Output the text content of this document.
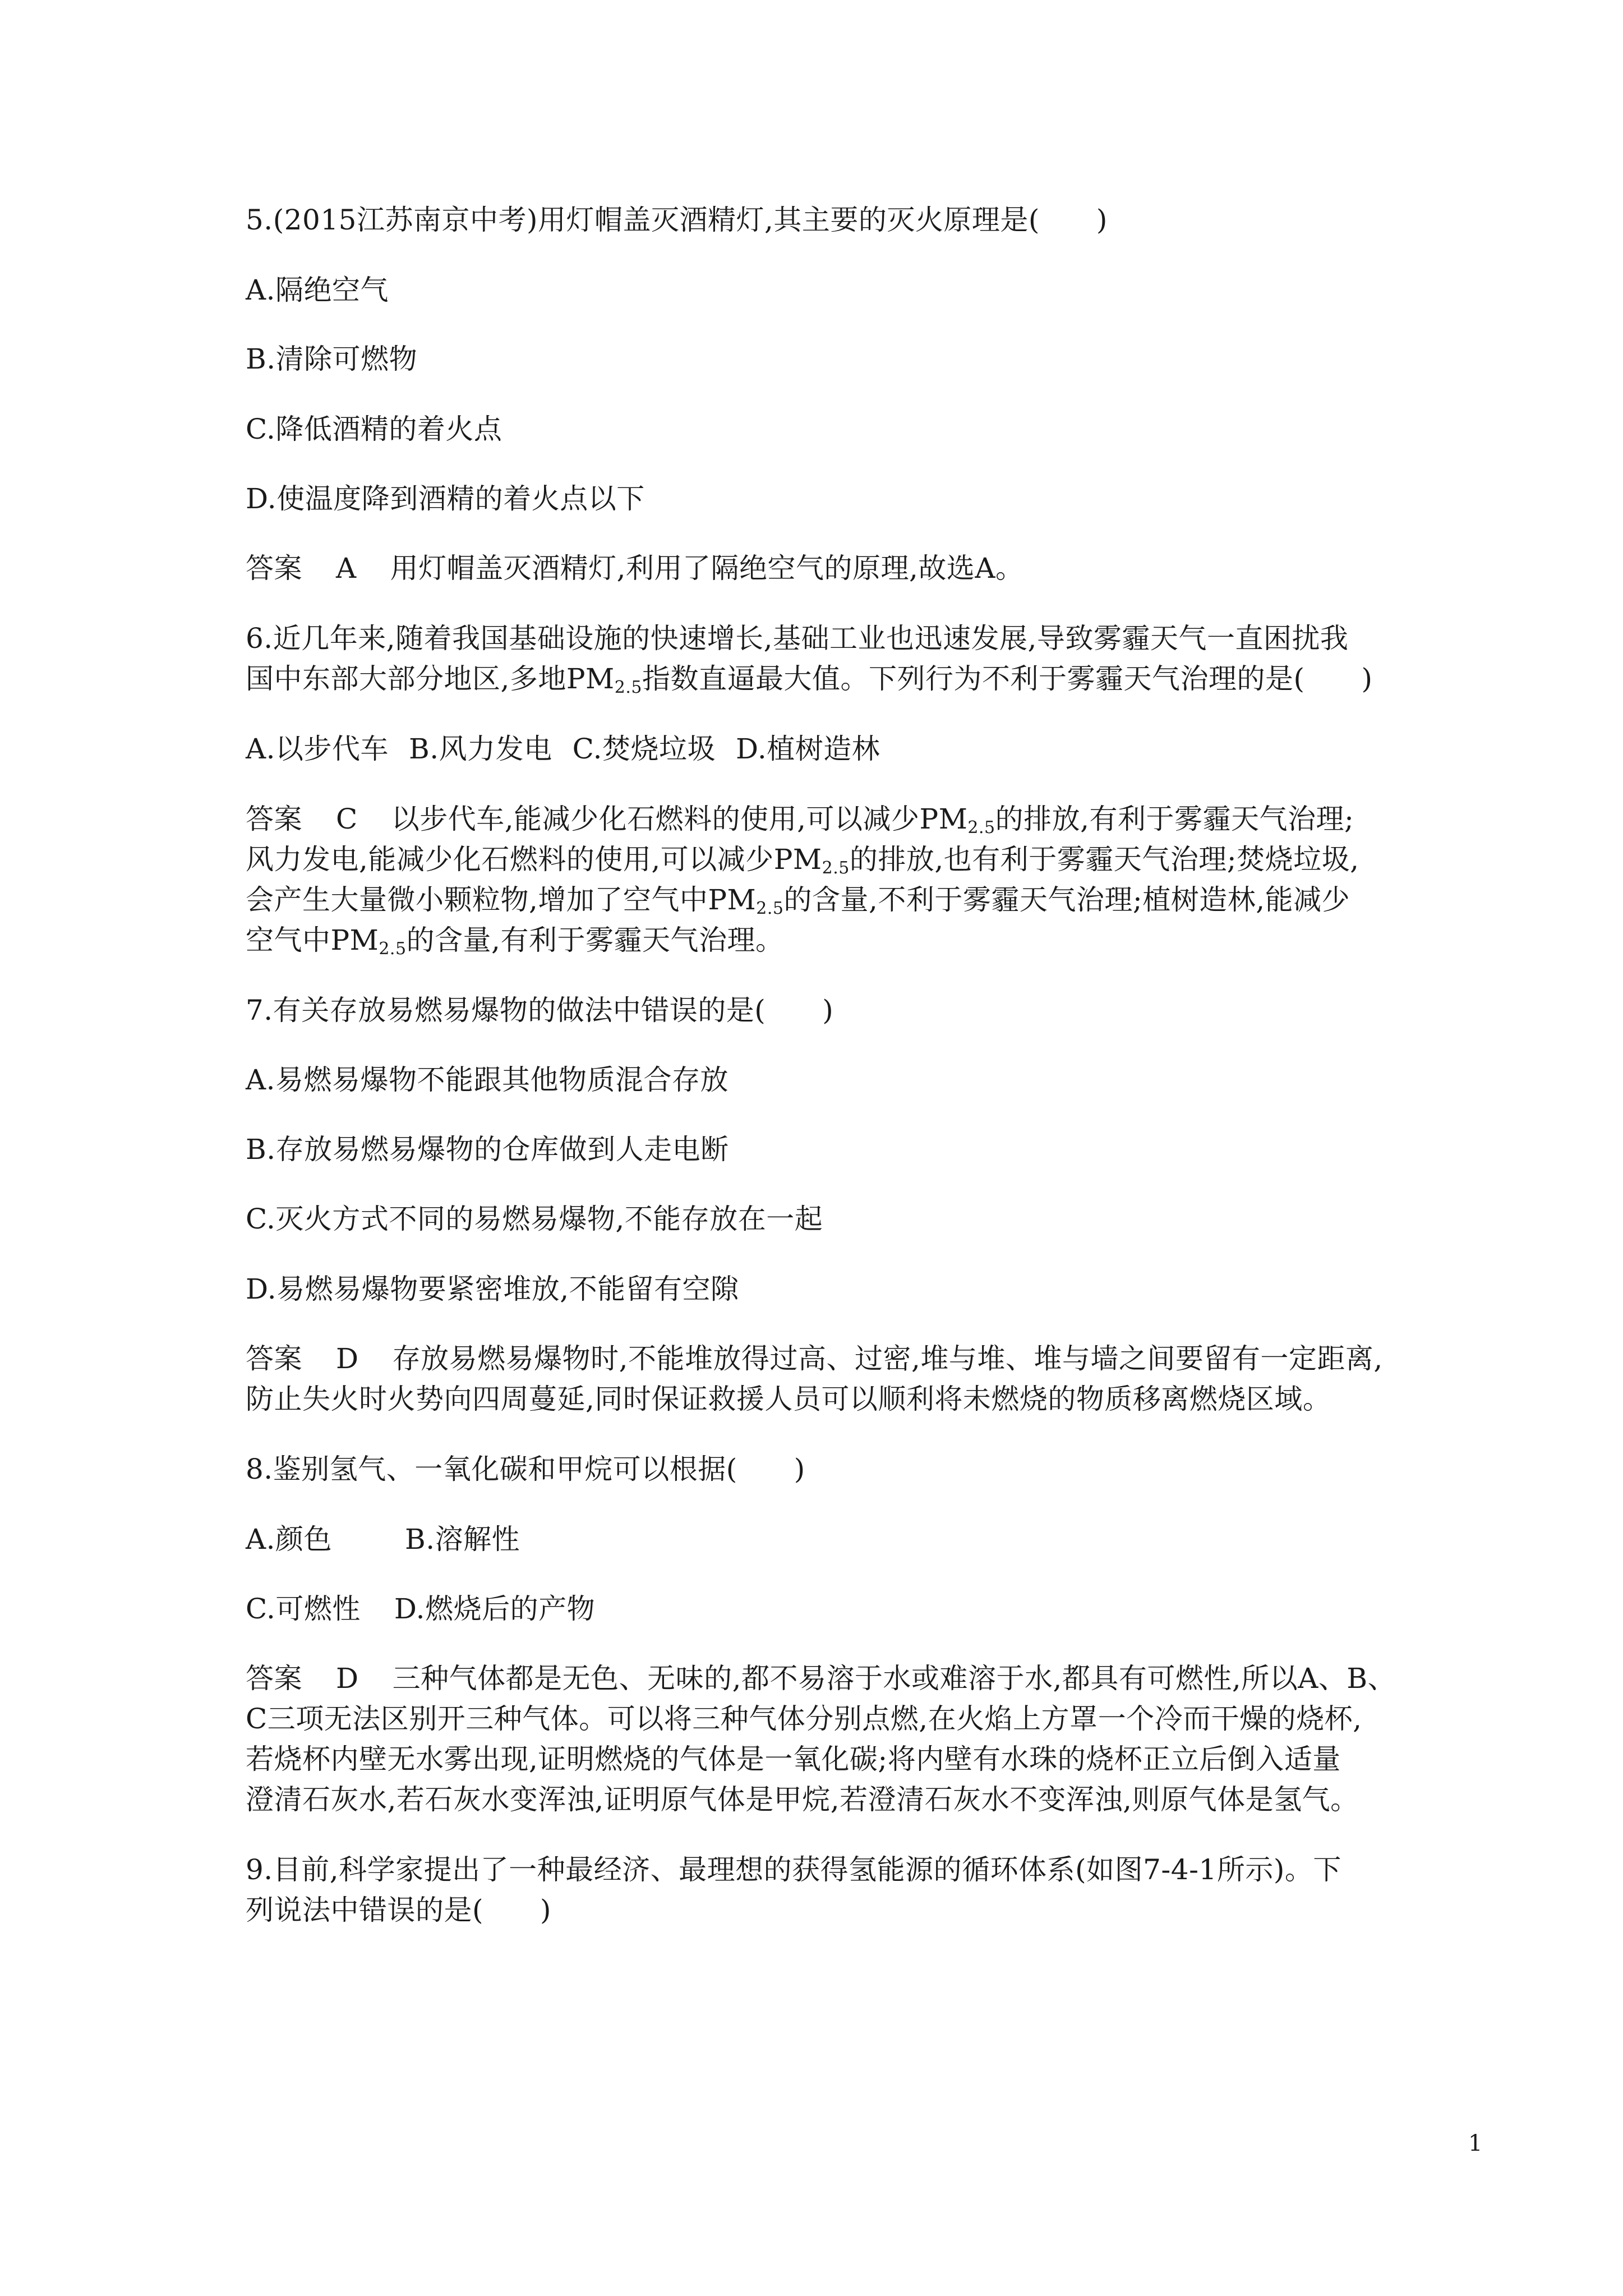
5.(2015江苏南京中考)用灯帽盖灭酒精灯,其主要的灭火原理是(　　)
A.隔绝空气
B.清除可燃物
C.降低酒精的着火点
D.使温度降到酒精的着火点以下
答案 A 用灯帽盖灭酒精灯,利用了隔绝空气的原理,故选A。
6.近几年来,随着我国基础设施的快速增长,基础工业也迅速发展,导致雾霾天气一直困扰我
国中东部大部分地区,多地$PM_{2.5}$指数直逼最大值。下列行为不利于雾霾天气治理的是(　　)
A.以步代车 B.风力发电 C.焚烧垃圾 D.植树造林
答案 C 以步代车,能减少化石燃料的使用,可以减少$PM_{2.5}$的排放,有利于雾霾天气治理;
风力发电,能减少化石燃料的使用,可以减少$PM_{2.5}$的排放,也有利于雾霾天气治理;焚烧垃圾,
会产生大量微小颗粒物,增加了空气中$PM_{2.5}$的含量,不利于雾霾天气治理;植树造林,能减少
空气中$PM_{2.5}$的含量,有利于雾霾天气治理。
7.有关存放易燃易爆物的做法中错误的是(　　)
A.易燃易爆物不能跟其他物质混合存放
B.存放易燃易爆物的仓库做到人走电断
C.灭火方式不同的易燃易爆物,不能存放在一起
D.易燃易爆物要紧密堆放,不能留有空隙
答案 D 存放易燃易爆物时,不能堆放得过高、过密,堆与堆、堆与墙之间要留有一定距离,
防止失火时火势向四周蔓延,同时保证救援人员可以顺利将未燃烧的物质移离燃烧区域。
8.鉴别氢气、一氧化碳和甲烷可以根据(　　)
A.颜色	B.溶解性
C.可燃性 D.燃烧后的产物
答案 D 三种气体都是无色、无味的,都不易溶于水或难溶于水,都具有可燃性,所以A、B、
C三项无法区别开三种气体。可以将三种气体分别点燃,在火焰上方罩一个冷而干燥的烧杯,
若烧杯内壁无水雾出现,证明燃烧的气体是一氧化碳;将内壁有水珠的烧杯正立后倒入适量
澄清石灰水,若石灰水变浑浊,证明原气体是甲烷,若澄清石灰水不变浑浊,则原气体是氢气。
9.目前,科学家提出了一种最经济、最理想的获得氢能源的循环体系(如图7-4-1所示)。下
列说法中错误的是(　　)
1
